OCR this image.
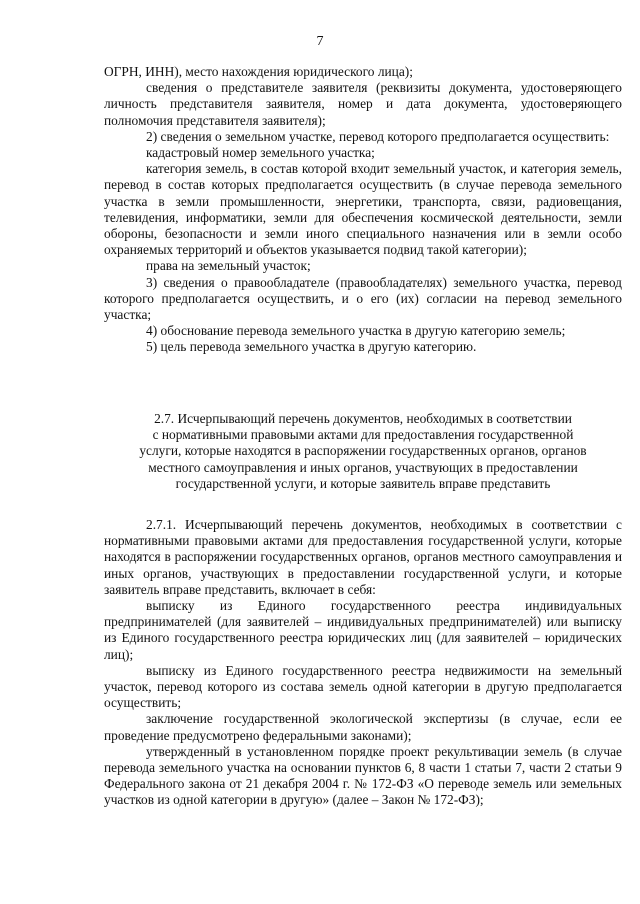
7

ОГРН, ИНН), место нахождения юридического лица);

сведения о представителе заявителя (реквизиты документа, удостоверяющего личность представителя заявителя, номер и дата документа, удостоверяющего полномочия представителя заявителя);

2) сведения о земельном участке, перевод которого предполагается осуществить:

кадастровый номер земельного участка;

категория земель, в состав которой входит земельный участок, и категория земель, перевод в состав которых предполагается осуществить (в случае перевода земельного участка в земли промышленности, энергетики, транспорта, связи, радиовещания, телевидения, информатики, земли для обеспечения космической деятельности, земли обороны, безопасности и земли иного специального назначения или в земли особо охраняемых территорий и объектов указывается подвид такой категории);

права на земельный участок;

3) сведения о правообладателе (правообладателях) земельного участка, перевод которого предполагается осуществить, и о его (их) согласии на перевод земельного участка;

4) обоснование перевода земельного участка в другую категорию земель;

5) цель перевода земельного участка в другую категорию.

2.7. Исчерпывающий перечень документов, необходимых в соответствии

с нормативными правовыми актами для предоставления государственной

услуги, которые находятся в распоряжении государственных органов, органов

местного самоуправления и иных органов, участвующих в предоставлении

государственной услуги, и которые заявитель вправе представить

2.7.1. Исчерпывающий перечень документов, необходимых в соответствии с нормативными правовыми актами для предоставления государственной услуги, которые находятся в распоряжении государственных органов, органов местного самоуправления и иных органов, участвующих в предоставлении государственной услуги, и которые заявитель вправе представить, включает в себя:

выписку из Единого государственного реестра индивидуальных предпринимателей (для заявителей – индивидуальных предпринимателей) или выписку из Единого государственного реестра юридических лиц (для заявителей – юридических лиц);

выписку из Единого государственного реестра недвижимости на земельный участок, перевод которого из состава земель одной категории в другую предполагается осуществить;

заключение государственной экологической экспертизы (в случае, если ее проведение предусмотрено федеральными законами);

утвержденный в установленном порядке проект рекультивации земель (в случае перевода земельного участка на основании пунктов 6, 8 части 1 статьи 7, части 2 статьи 9 Федерального закона от 21 декабря 2004 г. № 172-ФЗ «О переводе земель или земельных участков из одной категории в другую» (далее – Закон № 172-ФЗ);
